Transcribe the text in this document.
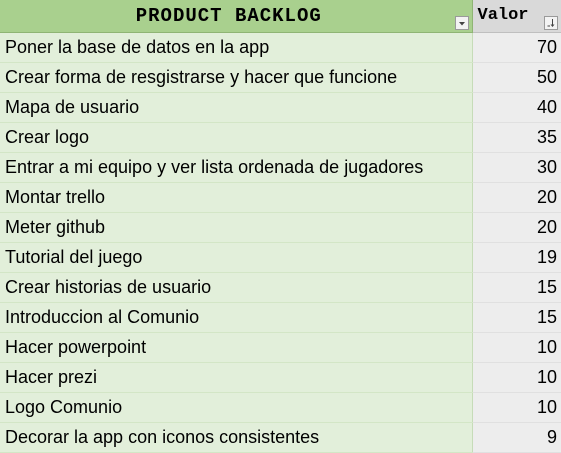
PRODUCT BACKLOG	Valor

Poner la base de datos en la app	70
Crear forma de resgistrarse y hacer que funcione	50
Mapa de usuario	40
Crear logo	35
Entrar a mi equipo y ver lista ordenada de jugadores	30
Montar trello	20
Meter github	20
Tutorial del juego	19
Crear historias de usuario	15
Introduccion al Comunio	15
Hacer powerpoint	10
Hacer prezi	10
Logo Comunio	10
Decorar la app con iconos consistentes	9
